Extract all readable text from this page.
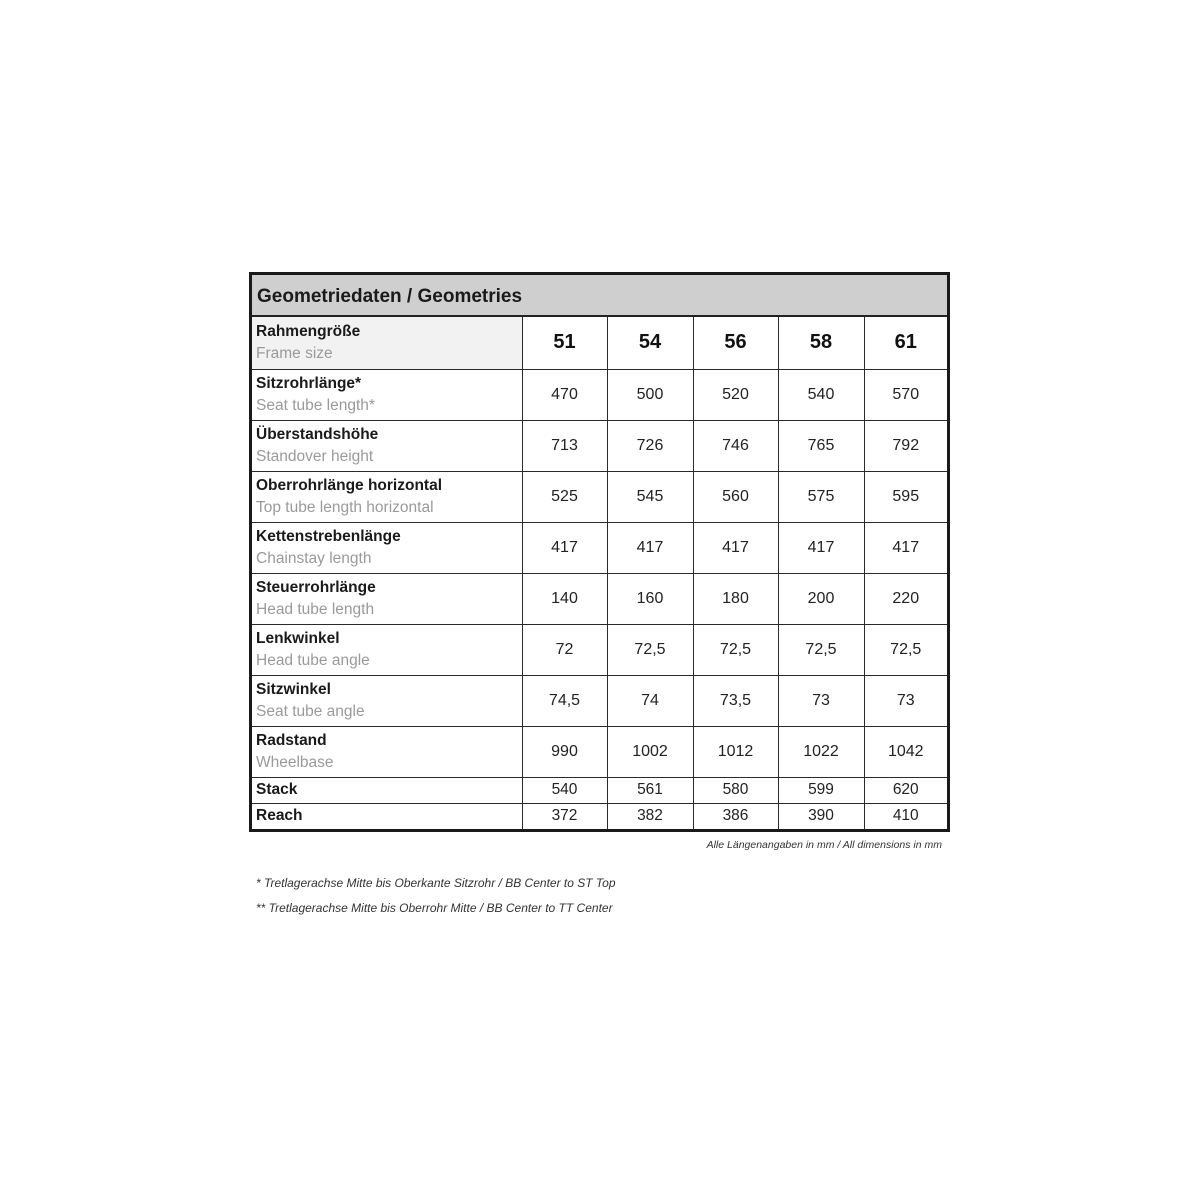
Geometriedaten / Geometries
Rahmengröße
Frame size	51	54	56	58	61

Sitzrohrlänge*
Seat tube length*	470	500	520	540	570

Überstandshöhe
Standover height	713	726	746	765	792

Oberrohrlänge horizontal
Top tube length horizontal	525	545	560	575	595

Kettenstrebenlänge
Chainstay length	417	417	417	417	417

Steuerrohrlänge
Head tube length	140	160	180	200	220

Lenkwinkel
Head tube angle	72	72,5	72,5	72,5	72,5

Sitzwinkel
Seat tube angle	74,5	74	73,5	73	73

Radstand
Wheelbase	990	1002	1012	1022	1042

Stack	540	561	580	599	620

Reach	372	382	386	390	410
Alle Längenangaben in mm / All dimensions in mm
* Tretlagerachse Mitte bis Oberkante Sitzrohr / BB Center to ST Top
** Tretlagerachse Mitte bis Oberrohr Mitte / BB Center to TT Center
